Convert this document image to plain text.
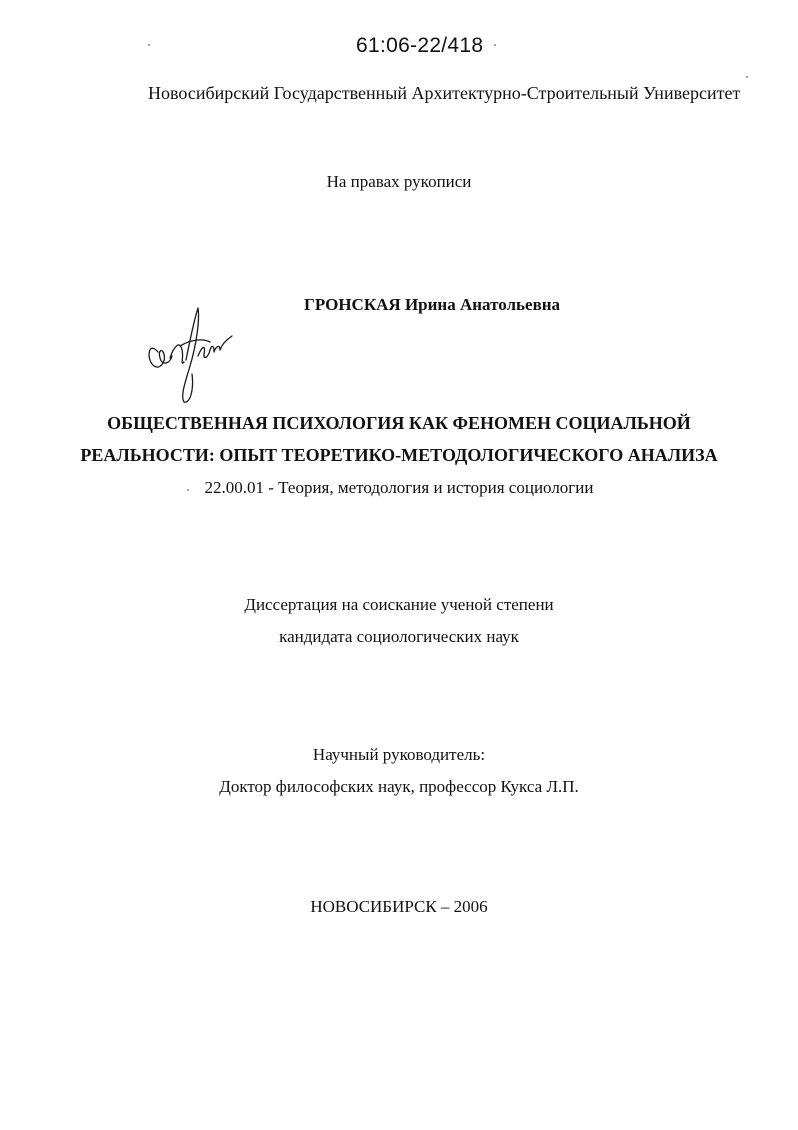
61:06-22/418
Новосибирский Государственный Архитектурно-Строительный Университет
На правах рукописи
ГРОНСКАЯ Ирина Анатольевна
ОБЩЕСТВЕННАЯ ПСИХОЛОГИЯ КАК ФЕНОМЕН СОЦИАЛЬНОЙ
РЕАЛЬНОСТИ: ОПЫТ ТЕОРЕТИКО-МЕТОДОЛОГИЧЕСКОГО АНАЛИЗА
22.00.01 - Теория, методология и история социологии
Диссертация на соискание ученой степени
кандидата социологических наук
Научный руководитель:
Доктор философских наук, профессор Кукса Л.П.
НОВОСИБИРСК – 2006
